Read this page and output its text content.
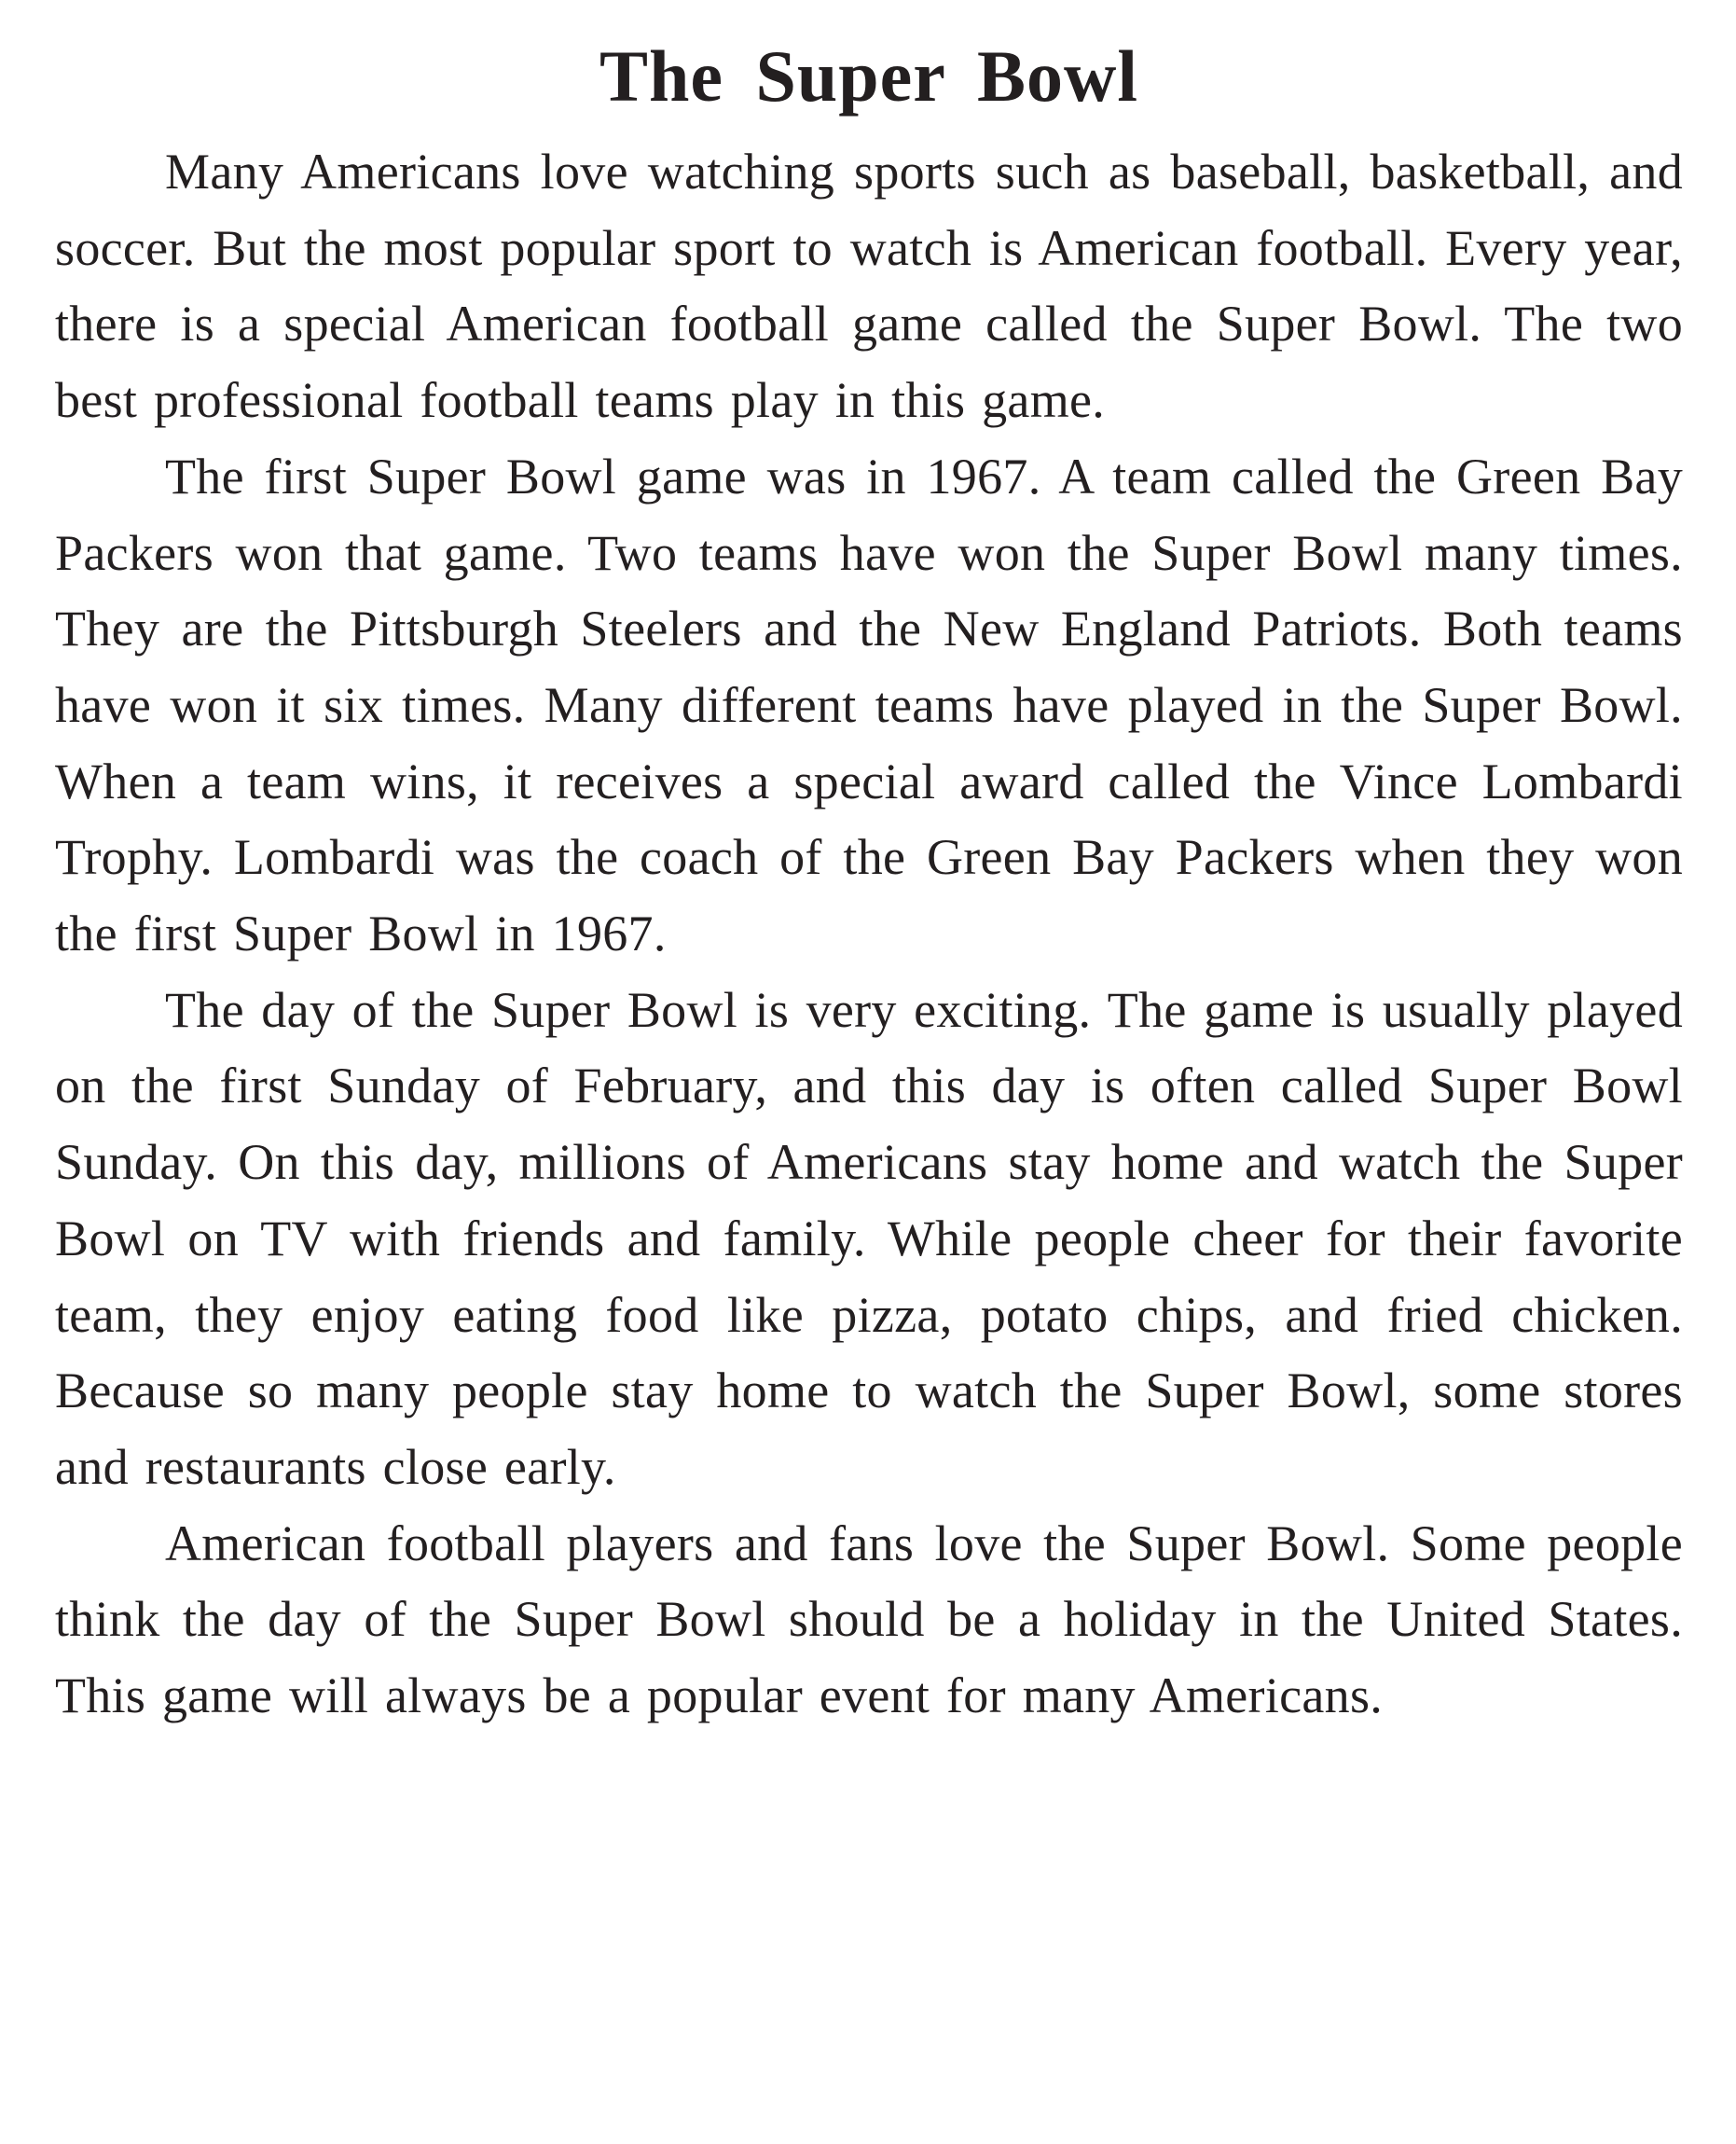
The Super Bowl

Many Americans love watching sports such as baseball, basketball, and soccer. But the most popular sport to watch is American football. Every year, there is a special American football game called the Super Bowl. The two best professional football teams play in this game.

The first Super Bowl game was in 1967. A team called the Green Bay Packers won that game. Two teams have won the Super Bowl many times. They are the Pittsburgh Steelers and the New England Patriots. Both teams have won it six times. Many different teams have played in the Super Bowl. When a team wins, it receives a special award called the Vince Lombardi Trophy. Lombardi was the coach of the Green Bay Packers when they won the first Super Bowl in 1967.

The day of the Super Bowl is very exciting. The game is usually played on the first Sunday of February, and this day is often called Super Bowl Sunday. On this day, millions of Americans stay home and watch the Super Bowl on TV with friends and family. While people cheer for their favorite team, they enjoy eating food like pizza, potato chips, and fried chicken. Because so many people stay home to watch the Super Bowl, some stores and restaurants close early.

American football players and fans love the Super Bowl. Some people think the day of the Super Bowl should be a holiday in the United States. This game will always be a popular event for many Americans.
